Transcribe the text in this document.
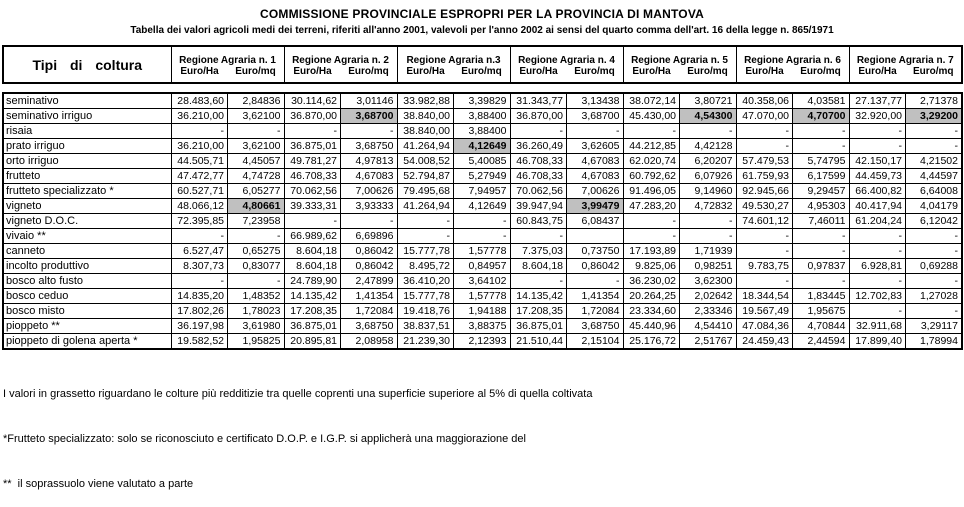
COMMISSIONE PROVINCIALE ESPROPRI PER LA PROVINCIA DI MANTOVA
Tabella dei valori agricoli medi dei terreni, riferiti all'anno 2001, valevoli per l'anno 2002 ai sensi del quarto comma dell'art. 16 della legge n. 865/1971
Tipi di coltura	Regione Agraria n. 1		Regione Agraria n. 2		Regione Agraria n.3		Regione Agraria n. 4		Regione Agraria n. 5		Regione Agraria n. 6		Regione Agraria n. 7	
	Euro/Ha	Euro/mq	Euro/Ha	Euro/mq	Euro/Ha	Euro/mq	Euro/Ha	Euro/mq	Euro/Ha	Euro/mq	Euro/Ha	Euro/mq	Euro/Ha	Euro/mq
seminativo	28.483,60	2,84836	30.114,62	3,01146	33.982,88	3,39829	31.343,77	3,13438	38.072,14	3,80721	40.358,06	4,03581	27.137,77	2,71378
seminativo irriguo	36.210,00	3,62100	36.870,00	3,68700	38.840,00	3,88400	36.870,00	3,68700	45.430,00	4,54300	47.070,00	4,70700	32.920,00	3,29200
risaia	-	-	-	-	38.840,00	3,88400	-	-	-	-	-	-	-	-
prato irriguo	36.210,00	3,62100	36.875,01	3,68750	41.264,94	4,12649	36.260,49	3,62605	44.212,85	4,42128	-	-	-	-
orto irriguo	44.505,71	4,45057	49.781,27	4,97813	54.008,52	5,40085	46.708,33	4,67083	62.020,74	6,20207	57.479,53	5,74795	42.150,17	4,21502
frutteto	47.472,77	4,74728	46.708,33	4,67083	52.794,87	5,27949	46.708,33	4,67083	60.792,62	6,07926	61.759,93	6,17599	44.459,73	4,44597
frutteto specializzato *	60.527,71	6,05277	70.062,56	7,00626	79.495,68	7,94957	70.062,56	7,00626	91.496,05	9,14960	92.945,66	9,29457	66.400,82	6,64008
vigneto	48.066,12	4,80661	39.333,31	3,93333	41.264,94	4,12649	39.947,94	3,99479	47.283,20	4,72832	49.530,27	4,95303	40.417,94	4,04179
vigneto D.O.C.	72.395,85	7,23958	-	-	-	-	60.843,75	6,08437	-	-	74.601,12	7,46011	61.204,24	6,12042
vivaio **	-	-	66.989,62	6,69896	-	-	-		-	-	-	-	-	-
canneto	6.527,47	0,65275	8.604,18	0,86042	15.777,78	1,57778	7.375,03	0,73750	17.193,89	1,71939	-	-	-	-
incolto produttivo	8.307,73	0,83077	8.604,18	0,86042	8.495,72	0,84957	8.604,18	0,86042	9.825,06	0,98251	9.783,75	0,97837	6.928,81	0,69288
bosco alto fusto	-	-	24.789,90	2,47899	36.410,20	3,64102	-	-	36.230,02	3,62300	-	-	-	-
bosco ceduo	14.835,20	1,48352	14.135,42	1,41354	15.777,78	1,57778	14.135,42	1,41354	20.264,25	2,02642	18.344,54	1,83445	12.702,83	1,27028
bosco misto	17.802,26	1,78023	17.208,35	1,72084	19.418,76	1,94188	17.208,35	1,72084	23.334,60	2,33346	19.567,49	1,95675	-	-
pioppeto **	36.197,98	3,61980	36.875,01	3,68750	38.837,51	3,88375	36.875,01	3,68750	45.440,96	4,54410	47.084,36	4,70844	32.911,68	3,29117
pioppeto di golena aperta *	19.582,52	1,95825	20.895,81	2,08958	21.239,30	2,12393	21.510,44	2,15104	25.176,72	2,51767	24.459,43	2,44594	17.899,40	1,78994

I valori in grassetto riguardano le colture più redditizie tra quelle coprenti una superficie superiore al 5% di quella coltivata

*Frutteto specializzato: solo se riconosciuto e certificato D.O.P. e I.G.P. si applicherà una maggiorazione del

**  il soprassuolo viene valutato a parte
